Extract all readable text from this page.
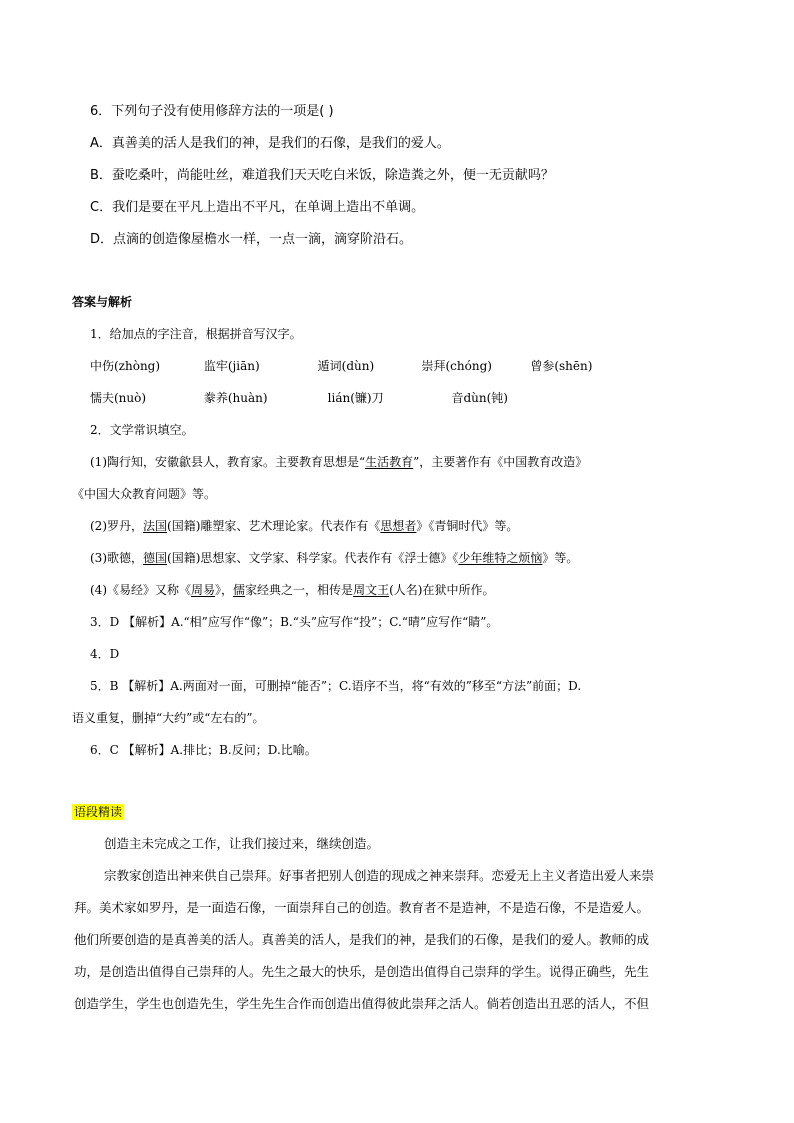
6．下列句子没有使用修辞方法的一项是( )
A．真善美的活人是我们的神，是我们的石像，是我们的爱人。
B．蚕吃桑叶，尚能吐丝，难道我们天天吃白米饭，除造粪之外，便一无贡献吗？
C．我们是要在平凡上造出不平凡，在单调上造出不单调。
D．点滴的创造像屋檐水一样，一点一滴，滴穿阶沿石。
答案与解析
1．给加点的字注音，根据拼音写汉字。
中伤(zhòng)	监牢(jiān)	遁词(dùn)	崇拜(chóng)	曾参(shēn)
懦夫(nuò)	豢养(huàn)	lián(镰)刀	音dùn(钝)
2．文学常识填空。
(1)陶行知，安徽歙县人，教育家。主要教育思想是“生活教育”，主要著作有《中国教育改造》
《中国大众教育问题》等。
(2)罗丹，法国(国籍)雕塑家、艺术理论家。代表作有《思想者》《青铜时代》等。
(3)歌德，德国(国籍)思想家、文学家、科学家。代表作有《浮士德》《少年维特之烦恼》等。
(4)《易经》又称《周易》，儒家经典之一，相传是周文王(人名)在狱中所作。
3．D 【解析】A.“相”应写作“像”；B.“头”应写作“投”；C.“晴”应写作“睛”。
4．D
5．B 【解析】A.两面对一面，可删掉“能否”；C.语序不当，将“有效的”移至“方法”前面；D.
语义重复，删掉“大约”或“左右的”。
6．C 【解析】A.排比；B.反问；D.比喻。
语段精读
创造主未完成之工作，让我们接过来，继续创造。
宗教家创造出神来供自己崇拜。好事者把别人创造的现成之神来崇拜。恋爱无上主义者造出爱人来崇
拜。美术家如罗丹，是一面造石像，一面崇拜自己的创造。教育者不是造神，不是造石像，不是造爱人。
他们所要创造的是真善美的活人。真善美的活人，是我们的神，是我们的石像，是我们的爱人。教师的成
功，是创造出值得自己崇拜的人。先生之最大的快乐，是创造出值得自己崇拜的学生。说得正确些，先生
创造学生，学生也创造先生，学生先生合作而创造出值得彼此崇拜之活人。倘若创造出丑恶的活人，不但
